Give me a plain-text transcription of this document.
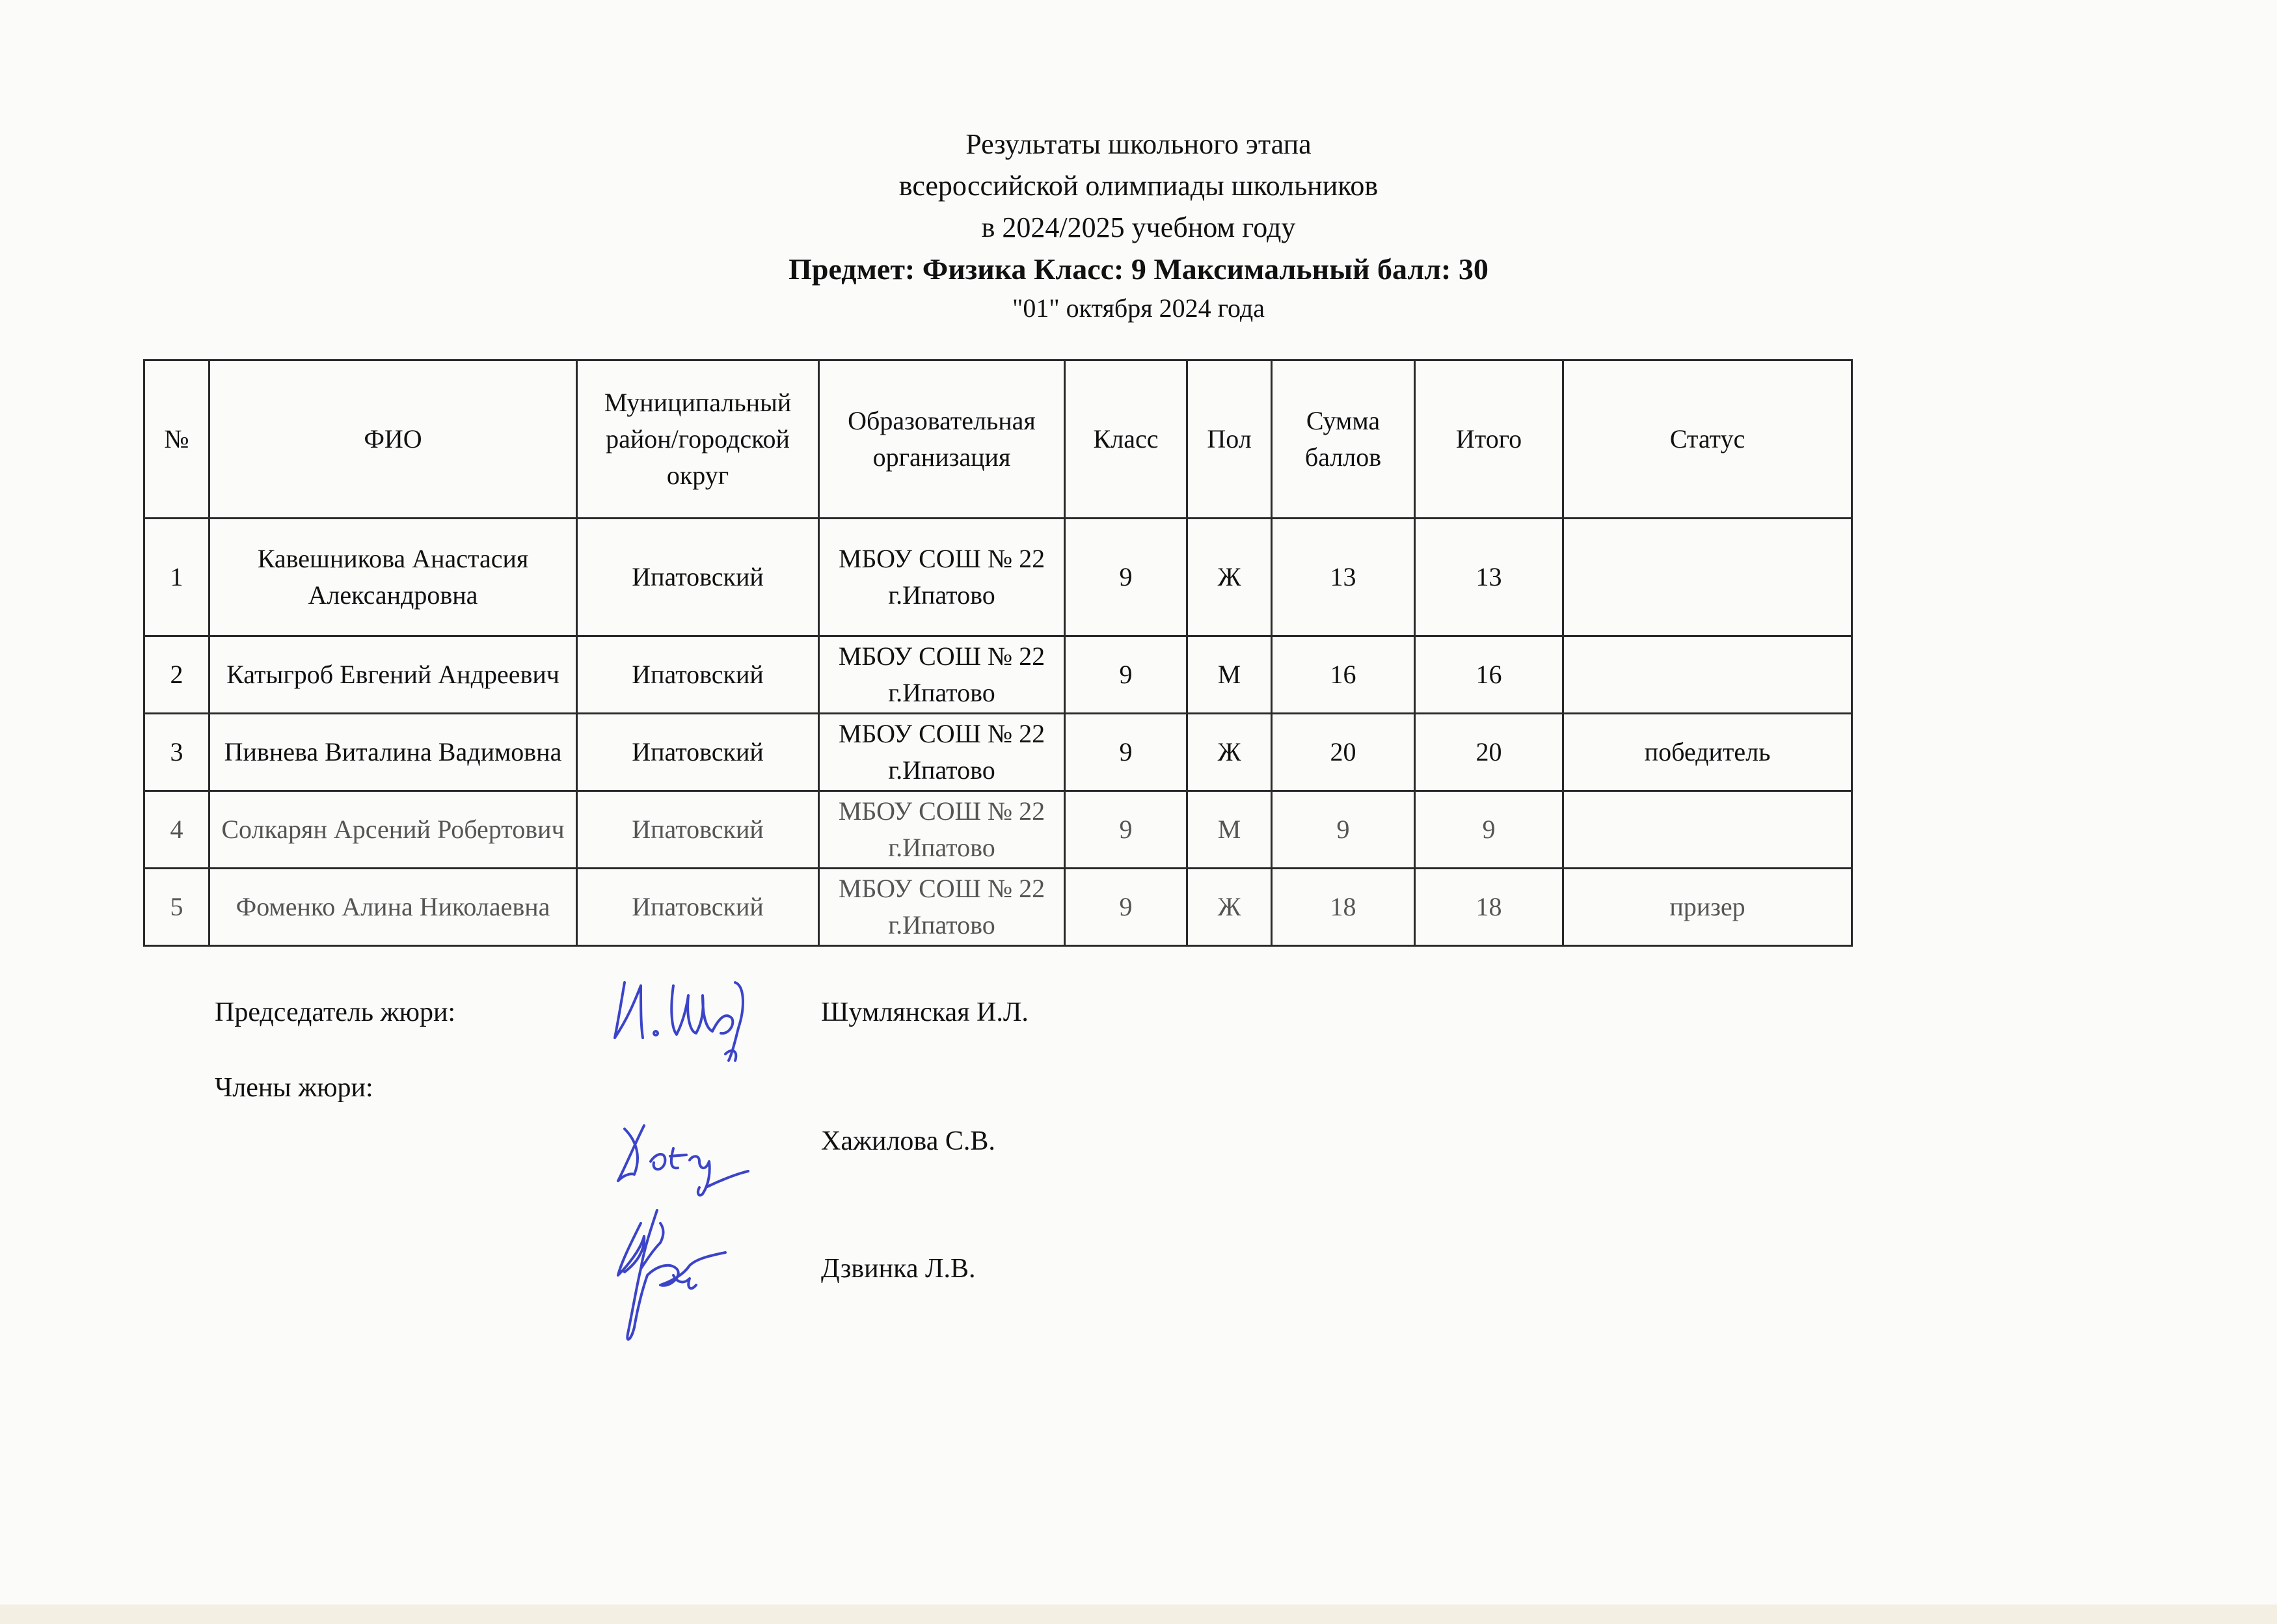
Результаты школьного этапа
всероссийской олимпиады школьников
в 2024/2025 учебном году
Предмет: Физика Класс: 9 Максимальный балл: 30
"01" октября 2024 года
№	ФИО	Муниципальный район/городской округ	Образовательная организация	Класс	Пол	Сумма баллов	Итого	Статус
1	Кавешникова Анастасия Александровна	Ипатовский	МБОУ СОШ № 22 г.Ипатово	9	Ж	13	13	
2	Катыгроб Евгений Андреевич	Ипатовский	МБОУ СОШ № 22 г.Ипатово	9	М	16	16	
3	Пивнева Виталина Вадимовна	Ипатовский	МБОУ СОШ № 22 г.Ипатово	9	Ж	20	20	победитель
4	Солкарян Арсений Робертович	Ипатовский	МБОУ СОШ № 22 г.Ипатово	9	М	9	9	
5	Фоменко Алина Николаевна	Ипатовский	МБОУ СОШ № 22 г.Ипатово	9	Ж	18	18	призер
Председатель жюри:	Шумлянская И.Л.
Члены жюри:
Хажилова С.В.
Дзвинка Л.В.
